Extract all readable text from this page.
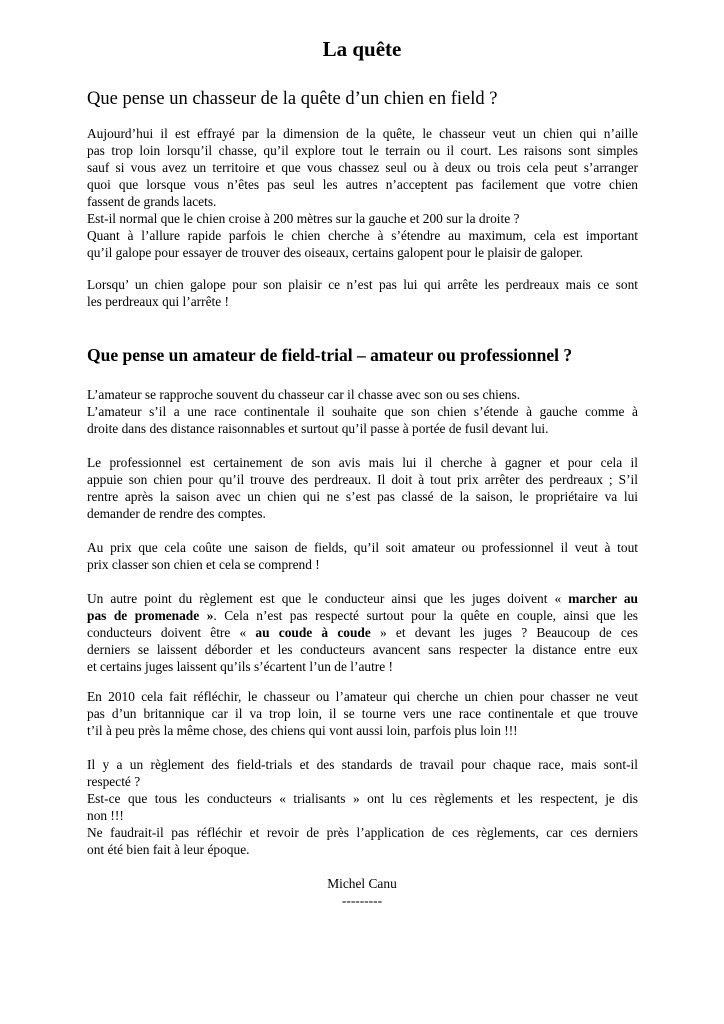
La quête
Que pense un chasseur de la quête d’un chien en field ?
Aujourd’hui il est effrayé par la dimension de la quête, le chasseur veut un chien qui n’aille
pas trop loin lorsqu’il chasse, qu’il explore tout le terrain ou il court. Les raisons sont simples
sauf si vous avez un territoire et que vous chassez seul ou à deux ou trois cela peut s’arranger
quoi que lorsque vous n’êtes pas seul les autres n’acceptent pas facilement que votre chien
fassent de grands lacets.
Est-il normal que le chien croise à 200 mètres sur la gauche et 200 sur la droite ?
Quant à l’allure rapide parfois le chien cherche à s’étendre au maximum, cela est important
qu’il galope pour essayer de trouver des oiseaux, certains galopent pour le plaisir de galoper.
Lorsqu’ un chien galope pour son plaisir ce n’est pas lui qui arrête les perdreaux mais ce sont
les perdreaux qui l’arrête !
Que pense un amateur de field-trial – amateur ou professionnel ?
L’amateur se rapproche souvent du chasseur car il chasse avec son ou ses chiens.
L’amateur s’il a une race continentale il souhaite que son chien s’étende à gauche comme à
droite dans des distance raisonnables et surtout qu’il passe à portée de fusil devant lui.
Le professionnel est certainement de son avis mais lui il cherche à gagner et pour cela il
appuie son chien pour qu’il trouve des perdreaux. Il doit à tout prix arrêter des perdreaux ; S’il
rentre après la saison avec un chien qui ne s’est pas classé de la saison, le propriétaire va lui
demander de rendre des comptes.
Au prix que cela coûte une saison de fields, qu’il soit amateur ou professionnel il veut à tout
prix classer son chien et cela se comprend !
Un autre point du règlement est que le conducteur ainsi que les juges doivent « marcher au
pas de promenade ». Cela n’est pas respecté surtout pour la quête en couple, ainsi que les
conducteurs doivent être « au coude à coude » et devant les juges ? Beaucoup de ces
derniers se laissent déborder et les conducteurs avancent sans respecter la distance entre eux
et certains juges laissent qu’ils s’écartent l’un de l’autre !
En 2010 cela fait réfléchir, le chasseur ou l’amateur qui cherche un chien pour chasser ne veut
pas d’un britannique car il va trop loin, il se tourne vers une race continentale et que trouve
t’il à peu près la même chose, des chiens qui vont aussi loin, parfois plus loin !!!
Il y a un règlement des field-trials et des standards de travail pour chaque race, mais sont-il
respecté ?
Est-ce que tous les conducteurs « trialisants » ont lu ces règlements et les respectent, je dis
non !!!
Ne faudrait-il pas réfléchir et revoir de près l’application de ces règlements, car ces derniers
ont été bien fait à leur époque.
Michel Canu
---------
